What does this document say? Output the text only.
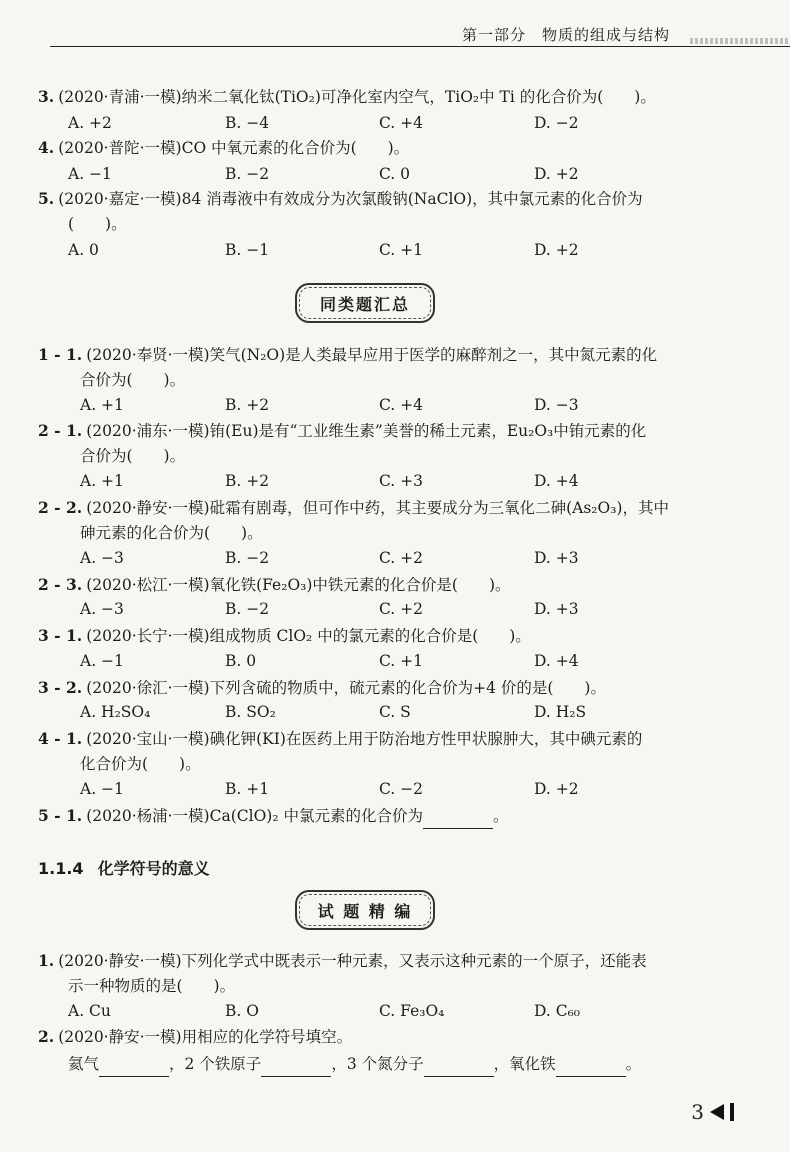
第一部分　物质的组成与结构
3. (2020·青浦·一模)纳米二氧化钛(TiO₂)可净化室内空气，TiO₂中 Ti 的化合价为(　　)。
A. +2	B. −4	C. +4	D. −2
4. (2020·普陀·一模)CO 中氧元素的化合价为(　　)。
A. −1	B. −2	C. 0	D. +2
5. (2020·嘉定·一模)84 消毒液中有效成分为次氯酸钠(NaClO)，其中氯元素的化合价为
(　　)。
A. 0	B. −1	C. +1	D. +2
同类题汇总
1 - 1. (2020·奉贤·一模)笑气(N₂O)是人类最早应用于医学的麻醉剂之一，其中氮元素的化
合价为(　　)。
A. +1	B. +2	C. +4	D. −3
2 - 1. (2020·浦东·一模)铕(Eu)是有“工业维生素”美誉的稀土元素，Eu₂O₃中铕元素的化
合价为(　　)。
A. +1	B. +2	C. +3	D. +4
2 - 2. (2020·静安·一模)砒霜有剧毒，但可作中药，其主要成分为三氧化二砷(As₂O₃)，其中
砷元素的化合价为(　　)。
A. −3	B. −2	C. +2	D. +3
2 - 3. (2020·松江·一模)氧化铁(Fe₂O₃)中铁元素的化合价是(　　)。
A. −3	B. −2	C. +2	D. +3
3 - 1. (2020·长宁·一模)组成物质 ClO₂ 中的氯元素的化合价是(　　)。
A. −1	B. 0	C. +1	D. +4
3 - 2. (2020·徐汇·一模)下列含硫的物质中，硫元素的化合价为+4 价的是(　　)。
A. H₂SO₄	B. SO₂	C. S	D. H₂S
4 - 1. (2020·宝山·一模)碘化钾(KI)在医药上用于防治地方性甲状腺肿大，其中碘元素的
化合价为(　　)。
A. −1	B. +1	C. −2	D. +2
5 - 1. (2020·杨浦·一模)Ca(ClO)₂ 中氯元素的化合价为	。
1.1.4 化学符号的意义
试 题 精 编
1. (2020·静安·一模)下列化学式中既表示一种元素，又表示这种元素的一个原子，还能表
示一种物质的是(　　)。
A. Cu	B. O	C. Fe₃O₄	D. C₆₀
2. (2020·静安·一模)用相应的化学符号填空。
氦气	，2 个铁原子	，3 个氮分子	，氧化铁	。
3
